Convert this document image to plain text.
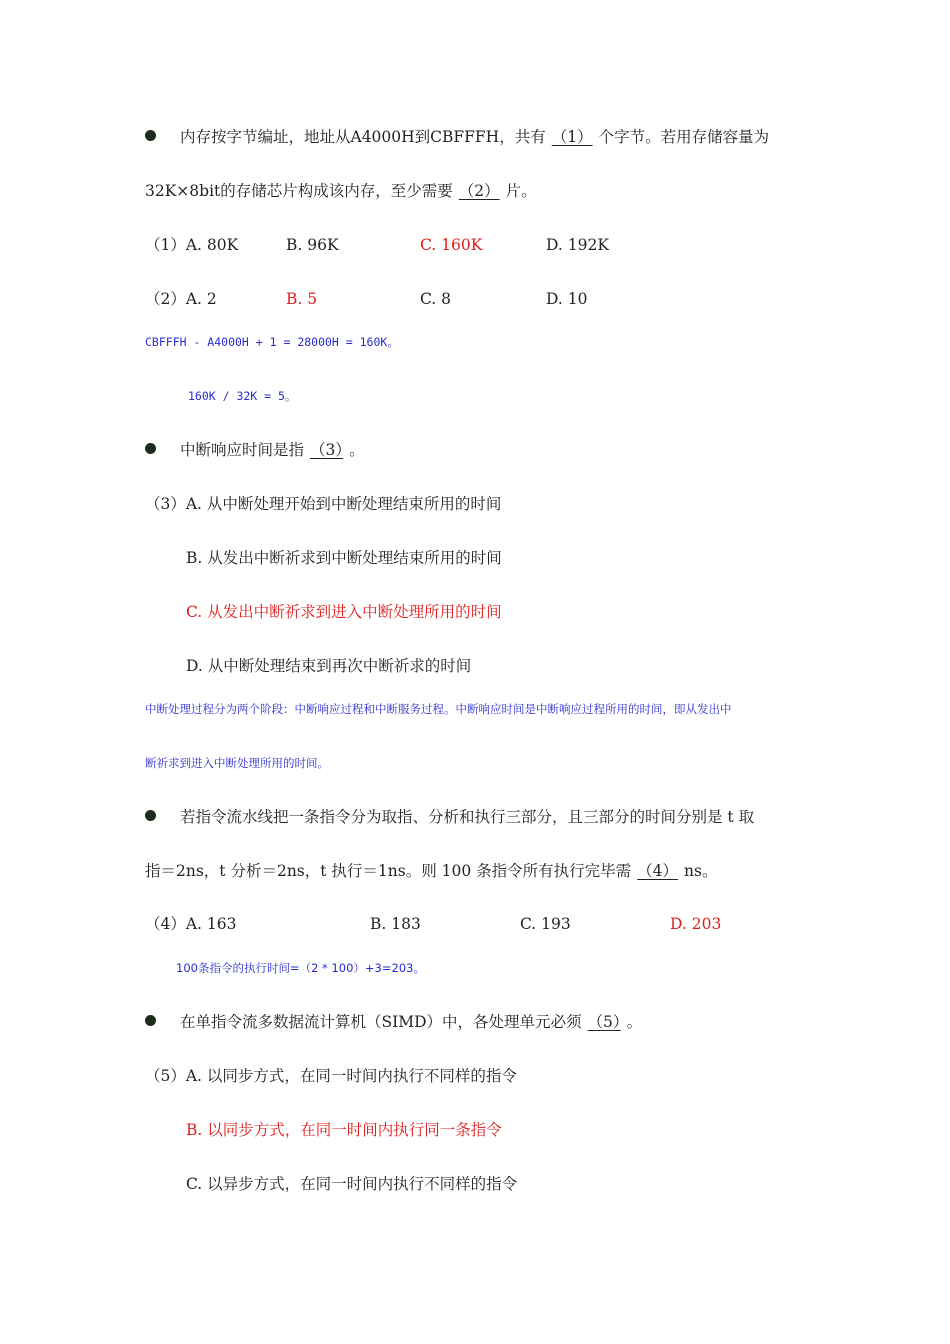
内存按字节编址，地址从A4000H到CBFFFH，共有 （1） 个字节。若用存储容量为
32K×8bit的存储芯片构成该内存，至少需要 （2） 片。
（1）A. 80K	B. 96K	C. 160K	D. 192K
（2）A. 2	B. 5	C. 8	D. 10
CBFFFH - A4000H + 1 = 28000H = 160K。
160K / 32K = 5。
中断响应时间是指 （3） 。
（3）A. 从中断处理开始到中断处理结束所用的时间
B. 从发出中断祈求到中断处理结束所用的时间
C. 从发出中断祈求到进入中断处理所用的时间
D. 从中断处理结束到再次中断祈求的时间
中断处理过程分为两个阶段：中断响应过程和中断服务过程。中断响应时间是中断响应过程所用的时间，即从发出中
断祈求到进入中断处理所用的时间。
若指令流水线把一条指令分为取指、分析和执行三部分，且三部分的时间分别是 t 取
指＝2ns，t 分析＝2ns，t 执行＝1ns。则 100 条指令所有执行完毕需 （4） ns。
（4）A. 163	B. 183	C. 193	D. 203
100条指令的执行时间=（2 * 100）+3=203。
在单指令流多数据流计算机（SIMD）中，各处理单元必须 （5） 。
（5）A. 以同步方式，在同一时间内执行不同样的指令
B. 以同步方式，在同一时间内执行同一条指令
C. 以异步方式，在同一时间内执行不同样的指令
